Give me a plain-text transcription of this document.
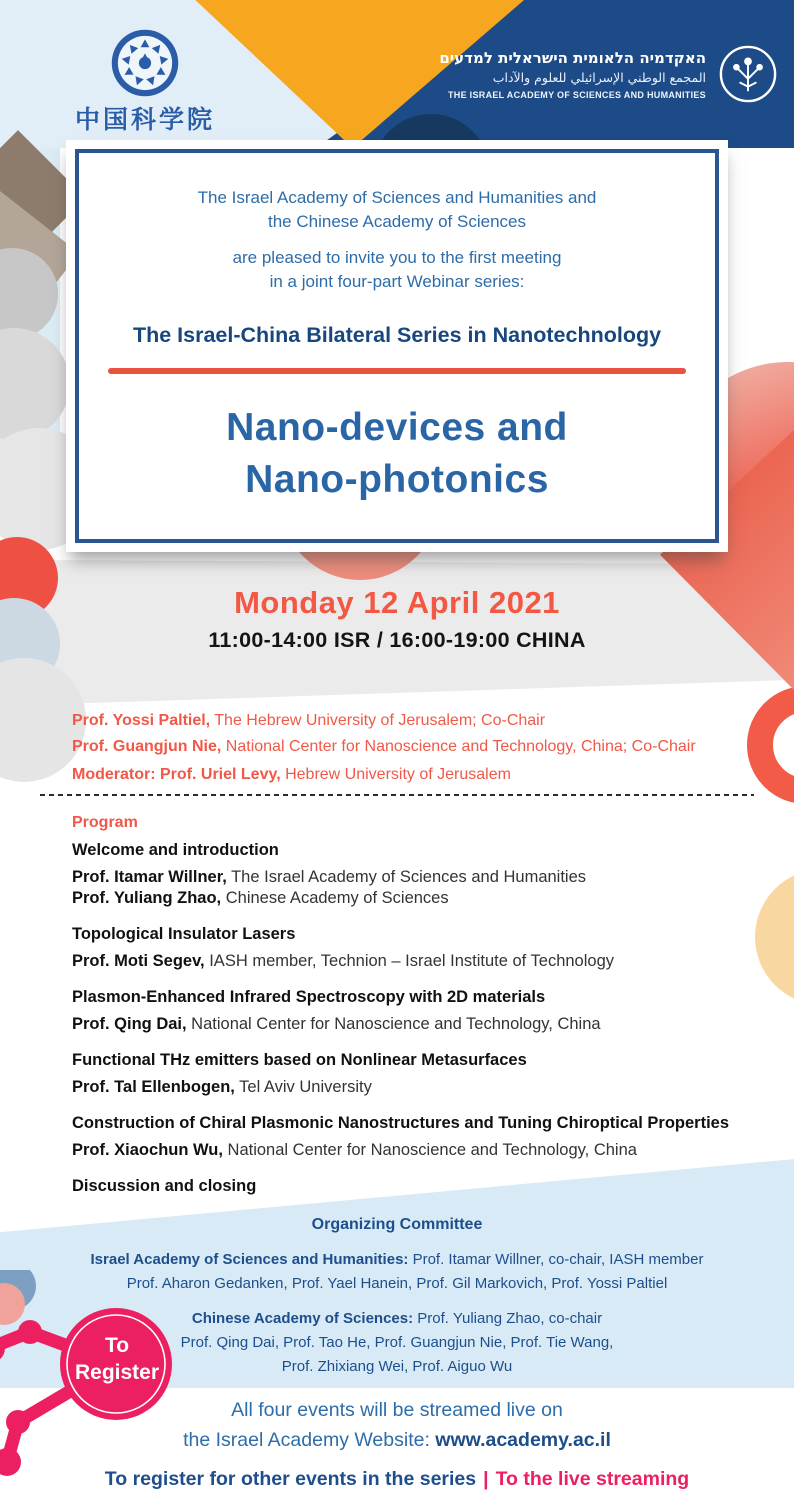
中国科学院
האקדמיה הלאומית הישראלית למדעים
المجمع الوطني الإسرائيلي للعلوم والآداب
THE ISRAEL ACADEMY OF SCIENCES AND HUMANITIES
The Israel Academy of Sciences and Humanities and
the Chinese Academy of Sciences
are pleased to invite you to the first meeting
in a joint four-part Webinar series:
The Israel-China Bilateral Series in Nanotechnology
Nano-devices and
Nano-photonics
Monday 12 April 2021
11:00-14:00 ISR / 16:00-19:00 CHINA
Prof. Yossi Paltiel, The Hebrew University of Jerusalem; Co-Chair
Prof. Guangjun Nie, National Center for Nanoscience and Technology, China; Co-Chair
Moderator: Prof. Uriel Levy, Hebrew University of Jerusalem
Program
Welcome and introduction
Prof. Itamar Willner, The Israel Academy of Sciences and Humanities
Prof. Yuliang Zhao, Chinese Academy of Sciences
Topological Insulator Lasers
Prof. Moti Segev, IASH member, Technion – Israel Institute of Technology
Plasmon-Enhanced Infrared Spectroscopy with 2D materials
Prof. Qing Dai, National Center for Nanoscience and Technology, China
Functional THz emitters based on Nonlinear Metasurfaces
Prof. Tal Ellenbogen, Tel Aviv University
Construction of Chiral Plasmonic Nanostructures and Tuning Chiroptical Properties
Prof. Xiaochun Wu, National Center for Nanoscience and Technology, China
Discussion and closing
Organizing Committee
Israel Academy of Sciences and Humanities: Prof. Itamar Willner, co-chair, IASH member
Prof. Aharon Gedanken, Prof. Yael Hanein, Prof. Gil Markovich, Prof. Yossi Paltiel
Chinese Academy of Sciences: Prof. Yuliang Zhao, co-chair
Prof. Qing Dai, Prof. Tao He, Prof. Guangjun Nie, Prof. Tie Wang,
Prof. Zhixiang Wei, Prof. Aiguo Wu
To
Register
All four events will be streamed live on
the Israel Academy Website: www.academy.ac.il
To register for other events in the series | To the live streaming
